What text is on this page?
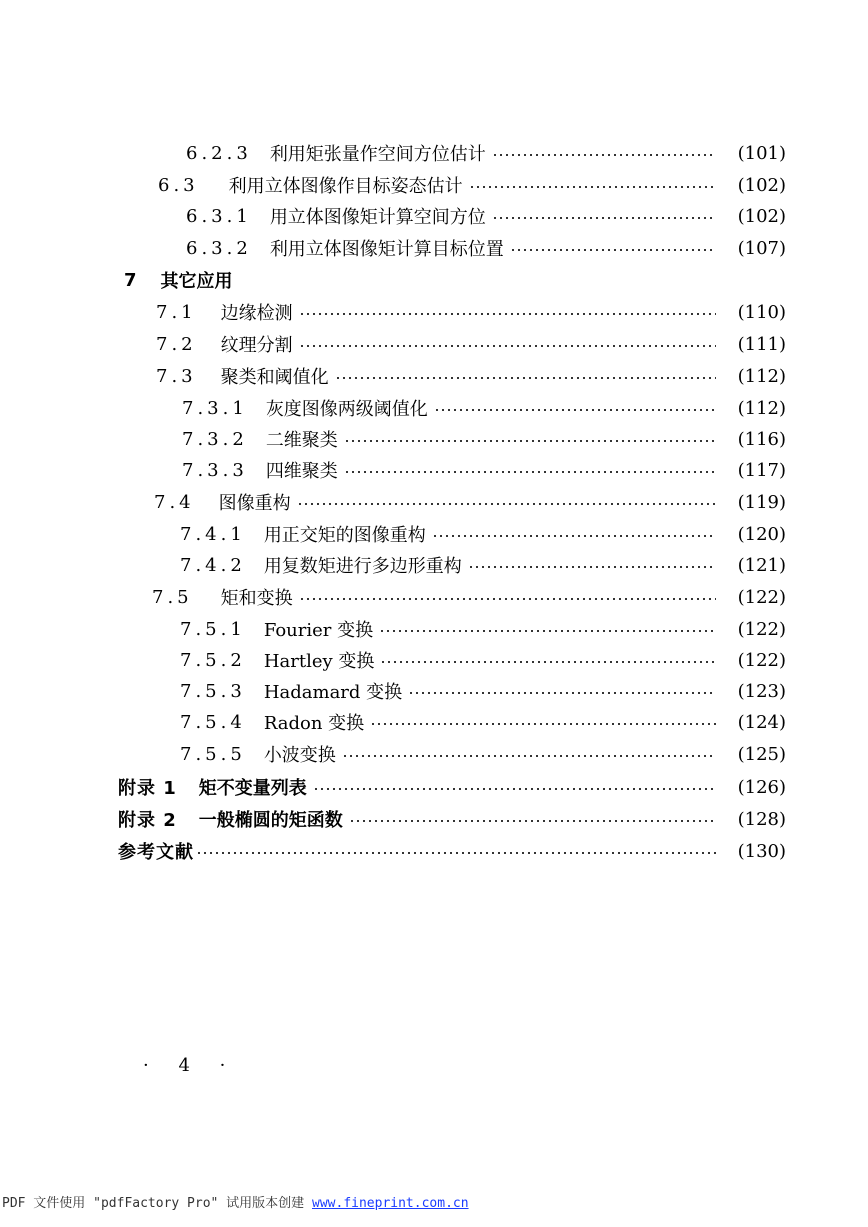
6.2.3 利用矩张量作空间方位估计	(101)
6.3 利用立体图像作目标姿态估计	(102)
6.3.1 用立体图像矩计算空间方位	(102)
6.3.2 利用立体图像矩计算目标位置	(107)
7 其它应用
7.1 边缘检测	(110)
7.2 纹理分割	(111)
7.3 聚类和阈值化	(112)
7.3.1 灰度图像两级阈值化	(112)
7.3.2 二维聚类	(116)
7.3.3 四维聚类	(117)
7.4 图像重构	(119)
7.4.1 用正交矩的图像重构	(120)
7.4.2 用复数矩进行多边形重构	(121)
7.5 矩和变换	(122)
7.5.1 Fourier 变换	(122)
7.5.2 Hartley 变换	(122)
7.5.3 Hadamard 变换	(123)
7.5.4 Radon 变换	(124)
7.5.5 小波变换	(125)
附录 1 矩不变量列表	(126)
附录 2 一般椭圆的矩函数	(128)
参考文献	(130)
· 4 ·
PDF 文件使用 "pdfFactory Pro" 试用版本创建 www.fineprint.com.cn
